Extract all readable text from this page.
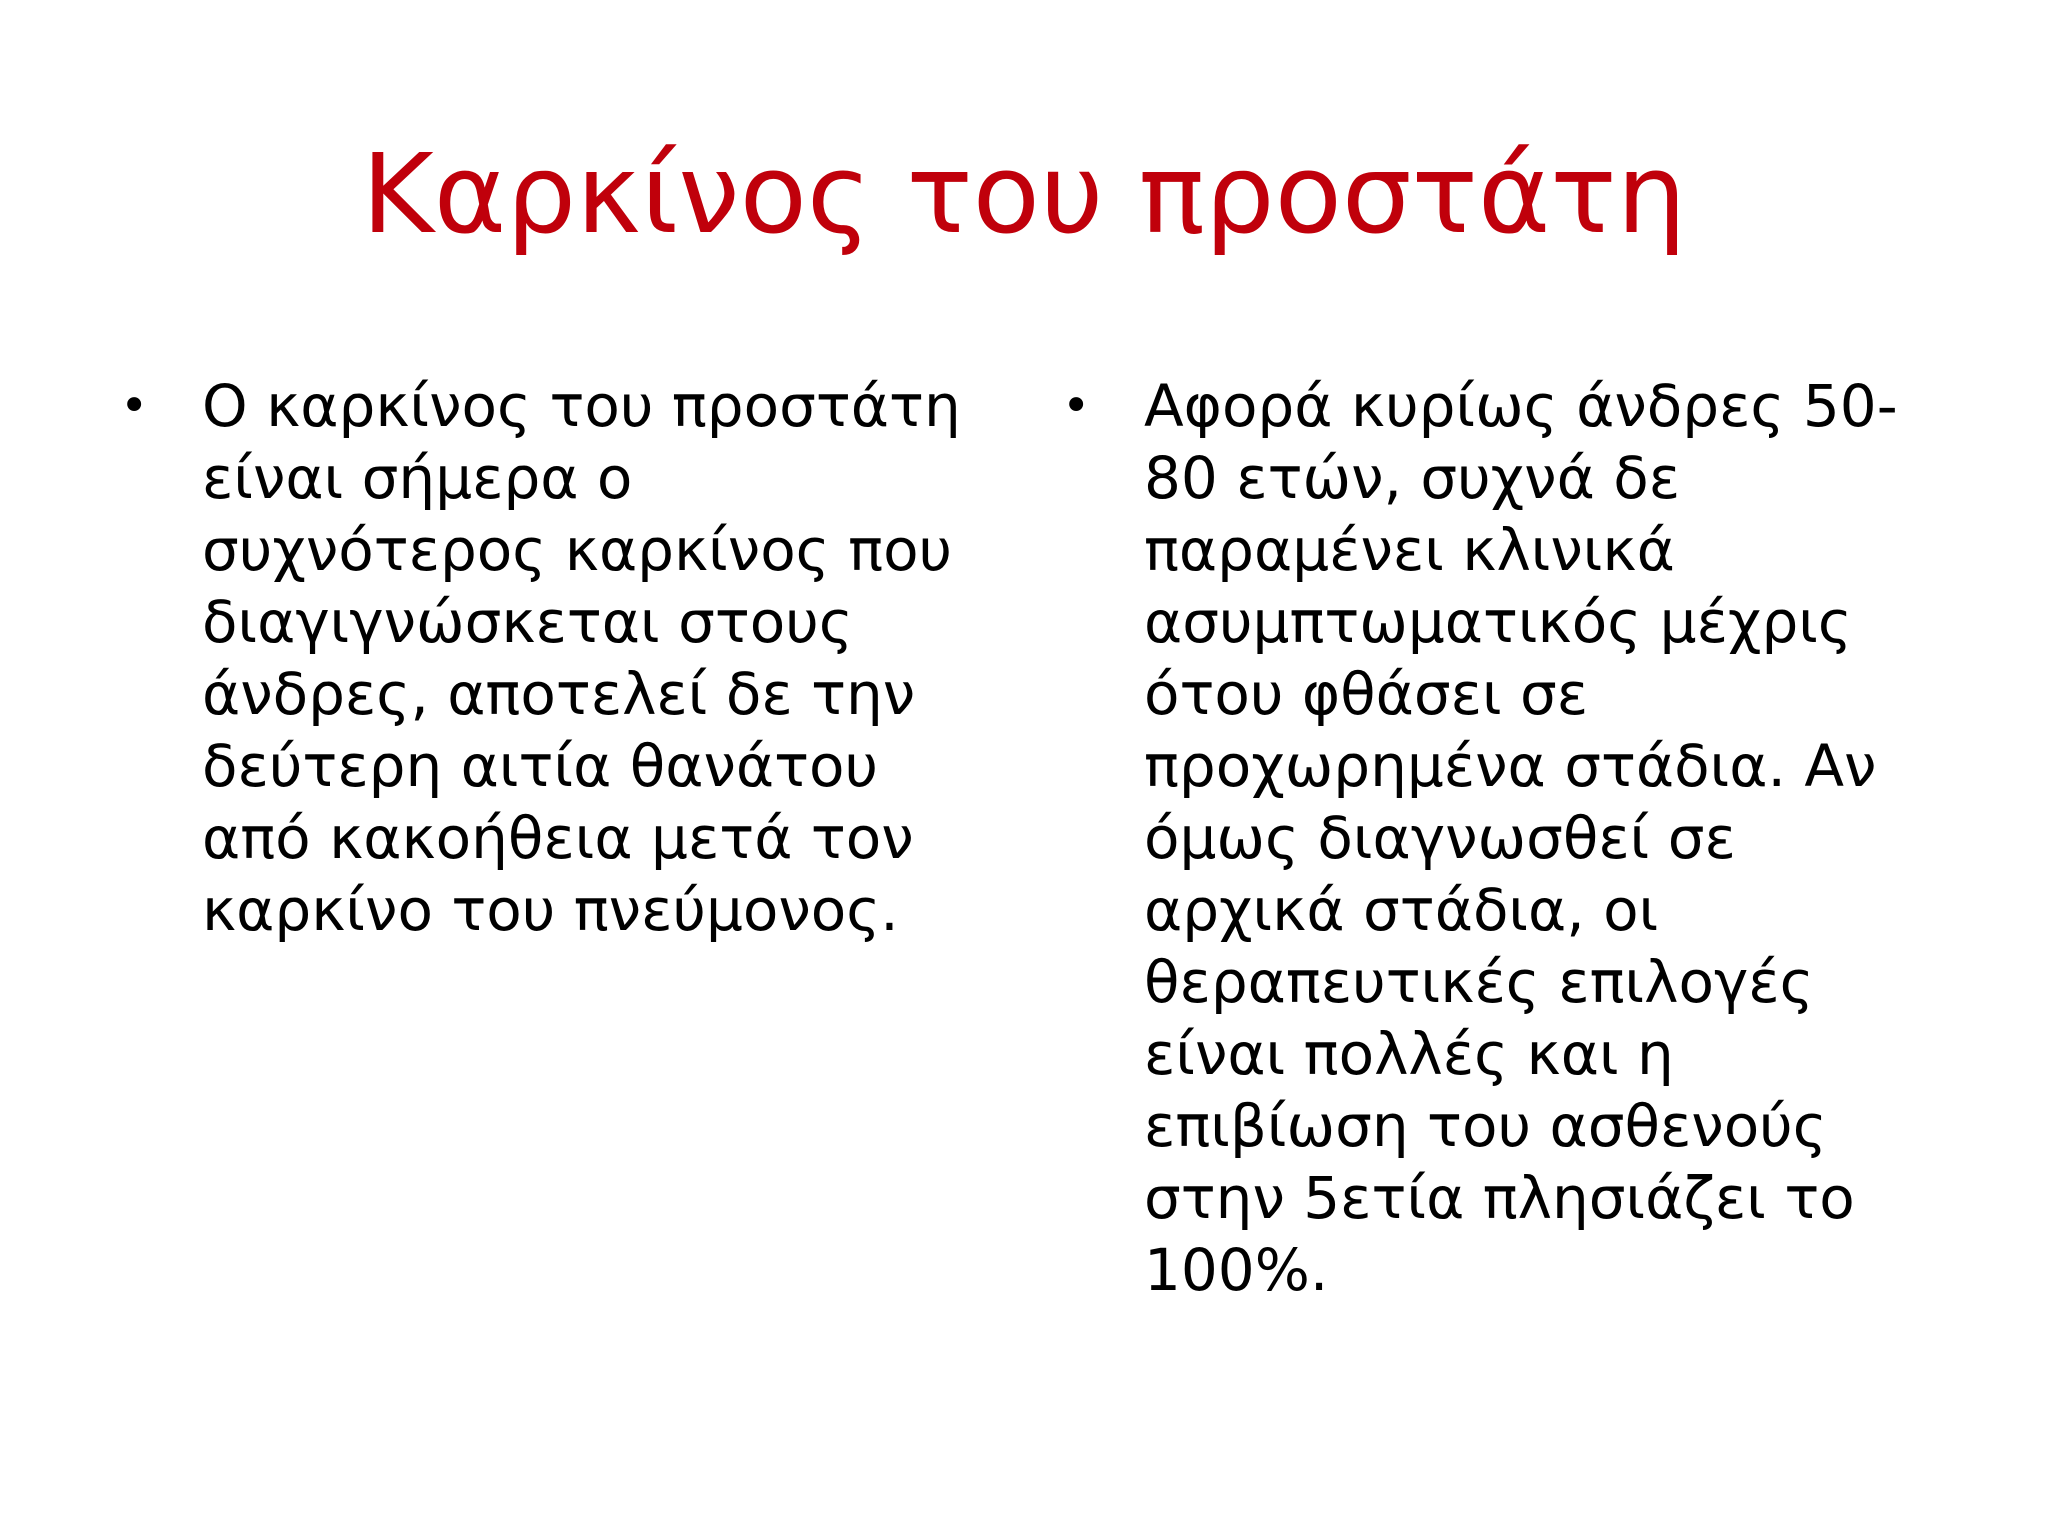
Καρκίνος του προστάτη
• Ο καρκίνος του προστάτη
είναι σήμερα ο
συχνότερος καρκίνος που
διαγιγνώσκεται στους
άνδρες, αποτελεί δε την
δεύτερη αιτία θανάτου
από κακοήθεια μετά τον
καρκίνο του πνεύμονος.
• Αφορά κυρίως άνδρες 50-
80 ετών, συχνά δε
παραμένει κλινικά
ασυμπτωματικός μέχρις
ότου φθάσει σε
προχωρημένα στάδια. Αν
όμως διαγνωσθεί σε
αρχικά στάδια, οι
θεραπευτικές επιλογές
είναι πολλές και η
επιβίωση του ασθενούς
στην 5ετία πλησιάζει το
100%.
